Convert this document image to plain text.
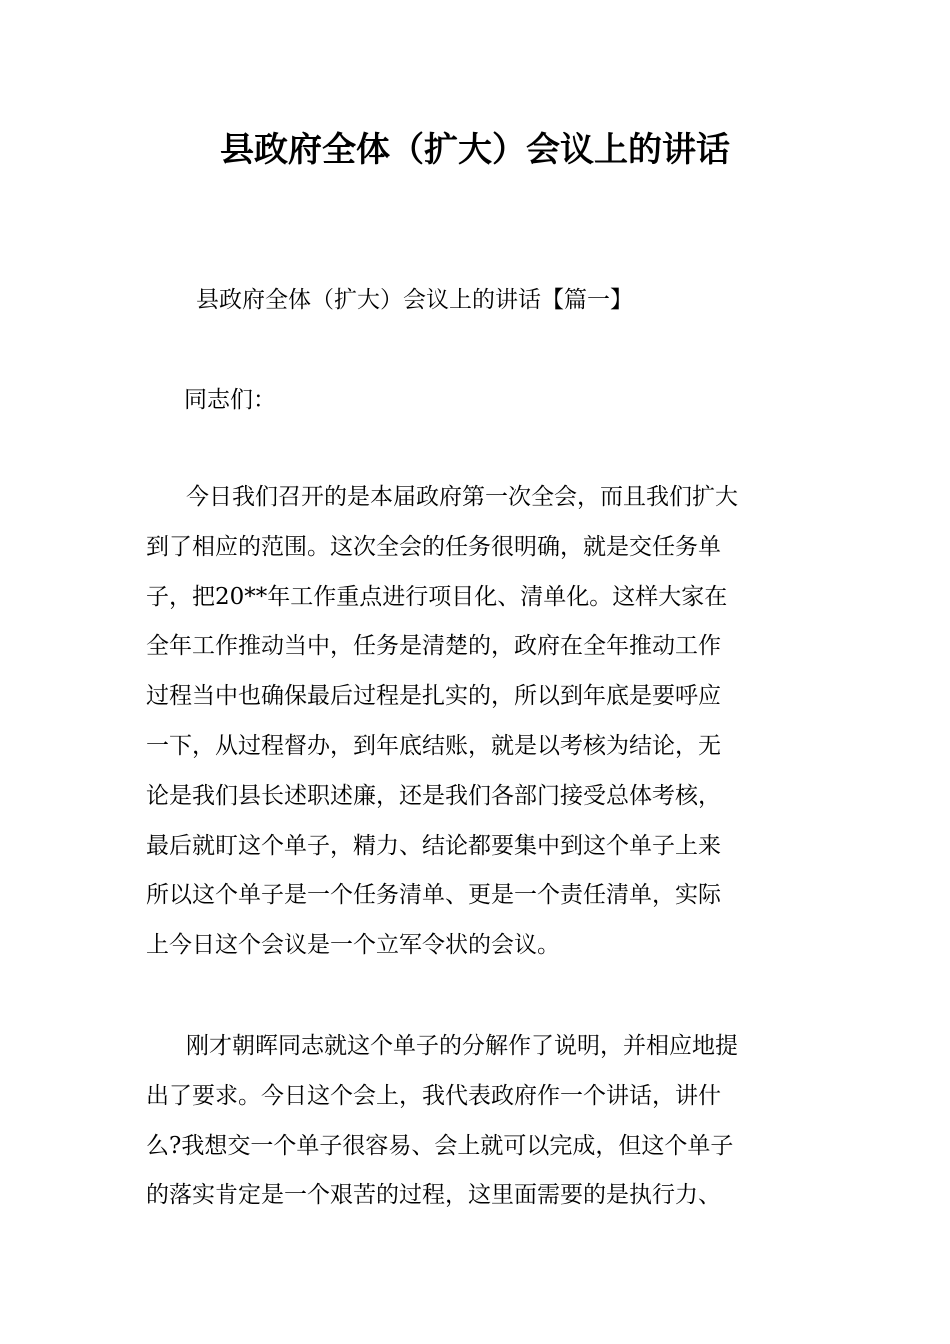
县政府全体（扩大）会议上的讲话
县政府全体（扩大）会议上的讲话【篇一】
同志们：
今日我们召开的是本届政府第一次全会，而且我们扩大
到了相应的范围。这次全会的任务很明确，就是交任务单
子，把20**年工作重点进行项目化、清单化。这样大家在
全年工作推动当中，任务是清楚的，政府在全年推动工作
过程当中也确保最后过程是扎实的，所以到年底是要呼应
一下，从过程督办，到年底结账，就是以考核为结论，无
论是我们县长述职述廉，还是我们各部门接受总体考核，
最后就盯这个单子，精力、结论都要集中到这个单子上来
所以这个单子是一个任务清单、更是一个责任清单，实际
上今日这个会议是一个立军令状的会议。
刚才朝晖同志就这个单子的分解作了说明，并相应地提
出了要求。今日这个会上，我代表政府作一个讲话，讲什
么?我想交一个单子很容易、会上就可以完成，但这个单子
的落实肯定是一个艰苦的过程，这里面需要的是执行力、
